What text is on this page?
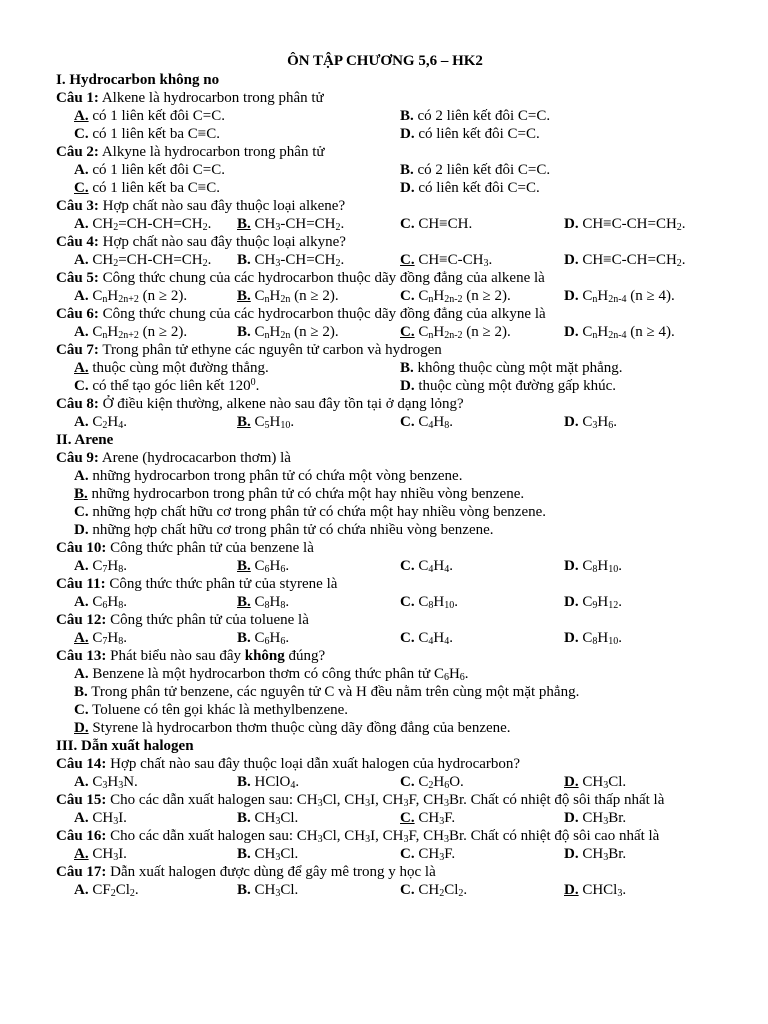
ÔN TẬP CHƯƠNG 5,6 – HK2
I. Hydrocarbon không no
Câu 1: Alkene là hydrocarbon trong phân tử
A. có 1 liên kết đôi C=C.	B. có 2 liên kết đôi C=C.
C. có 1 liên kết ba C≡C.	D. có liên kết đôi C=C.
Câu 2: Alkyne là hydrocarbon trong phân tử
A. có 1 liên kết đôi C=C.	B. có 2 liên kết đôi C=C.
C. có 1 liên kết ba C≡C.	D. có liên kết đôi C=C.
Câu 3: Hợp chất nào sau đây thuộc loại alkene?
A. $CH_2=CH-CH=CH_2$. B. $CH_3-CH=CH_2$.	C. CH≡CH.	D. $CH\equiv C-CH=CH_2$.
Câu 4: Hợp chất nào sau đây thuộc loại alkyne?
A. $CH_2=CH-CH=CH_2$. B. $CH_3-CH=CH_2$.	C. $CH\equiv C-CH_3$.	D. $CH\equiv C-CH=CH_2$.
Câu 5: Công thức chung của các hydrocarbon thuộc dãy đồng đẳng của alkene là
A. $C_nH_{2n+2}$ (n ≥ 2).	B. $C_nH_{2n}$ (n ≥ 2).	C. $C_nH_{2n-2}$ (n ≥ 2).	D. $C_nH_{2n-4}$ (n ≥ 4).
Câu 6: Công thức chung của các hydrocarbon thuộc dãy đồng đẳng của alkyne là
A. $C_nH_{2n+2}$ (n ≥ 2).	B. $C_nH_{2n}$ (n ≥ 2).	C. $C_nH_{2n-2}$ (n ≥ 2).	D. $C_nH_{2n-4}$ (n ≥ 4).
Câu 7: Trong phân tử ethyne các nguyên tử carbon và hydrogen
A. thuộc cùng một đường thẳng.	B. không thuộc cùng một mặt phẳng.
C. có thể tạo góc liên kết $120^0$.	D. thuộc cùng một đường gấp khúc.
Câu 8: Ở điều kiện thường, alkene nào sau đây tồn tại ở dạng lỏng?
A. $C_2H_4$.	B. $C_5H_{10}$.	C. $C_4H_8$.	D. $C_3H_6$.
II. Arene
Câu 9: Arene (hydrocacarbon thơm) là
A. những hydrocarbon trong phân tử có chứa một vòng benzene.
B. những hydrocarbon trong phân tử có chứa một hay nhiều vòng benzene.
C. những hợp chất hữu cơ trong phân tử có chứa một hay nhiều vòng benzene.
D. những hợp chất hữu cơ trong phân tử có chứa nhiều vòng benzene.
Câu 10: Công thức phân tử của benzene là
A. $C_7H_8$.	B. $C_6H_6$.	C. $C_4H_4$.	D. $C_8H_{10}$.
Câu 11: Công thức thức phân tử của styrene là
A. $C_6H_8$.	B. $C_8H_8$.	C. $C_8H_{10}$.	D. $C_9H_{12}$.
Câu 12: Công thức phân tử của toluene là
A. $C_7H_8$.	B. $C_6H_6$.	C. $C_4H_4$.	D. $C_8H_{10}$.
Câu 13: Phát biểu nào sau đây không đúng?
A. Benzene là một hydrocarbon thơm có công thức phân tử $C_6H_6$.
B. Trong phân tử benzene, các nguyên tử C và H đều nằm trên cùng một mặt phẳng.
C. Toluene có tên gọi khác là methylbenzene.
D. Styrene là hydrocarbon thơm thuộc cùng dãy đồng đẳng của benzene.
III. Dẫn xuất halogen
Câu 14: Hợp chất nào sau đây thuộc loại dẫn xuất halogen của hydrocarbon?
A. $C_3H_3N$.	B. HClO$_4$.	C. $C_2H_6O$.	D. $CH_3Cl$.
Câu 15: Cho các dẫn xuất halogen sau: $CH_3Cl$, $CH_3I$, $CH_3F$, $CH_3Br$. Chất có nhiệt độ sôi thấp nhất là
A. $CH_3I$.	B. $CH_3Cl$.	C. $CH_3F$.	D. $CH_3Br$.
Câu 16: Cho các dẫn xuất halogen sau: $CH_3Cl$, $CH_3I$, $CH_3F$, $CH_3Br$. Chất có nhiệt độ sôi cao nhất là
A. $CH_3I$.	B. $CH_3Cl$.	C. $CH_3F$.	D. $CH_3Br$.
Câu 17: Dẫn xuất halogen được dùng để gây mê trong y học là
A. $CF_2Cl_2$.	B. $CH_3Cl$.	C. $CH_2Cl_2$.	D. CHCl$_3$.
